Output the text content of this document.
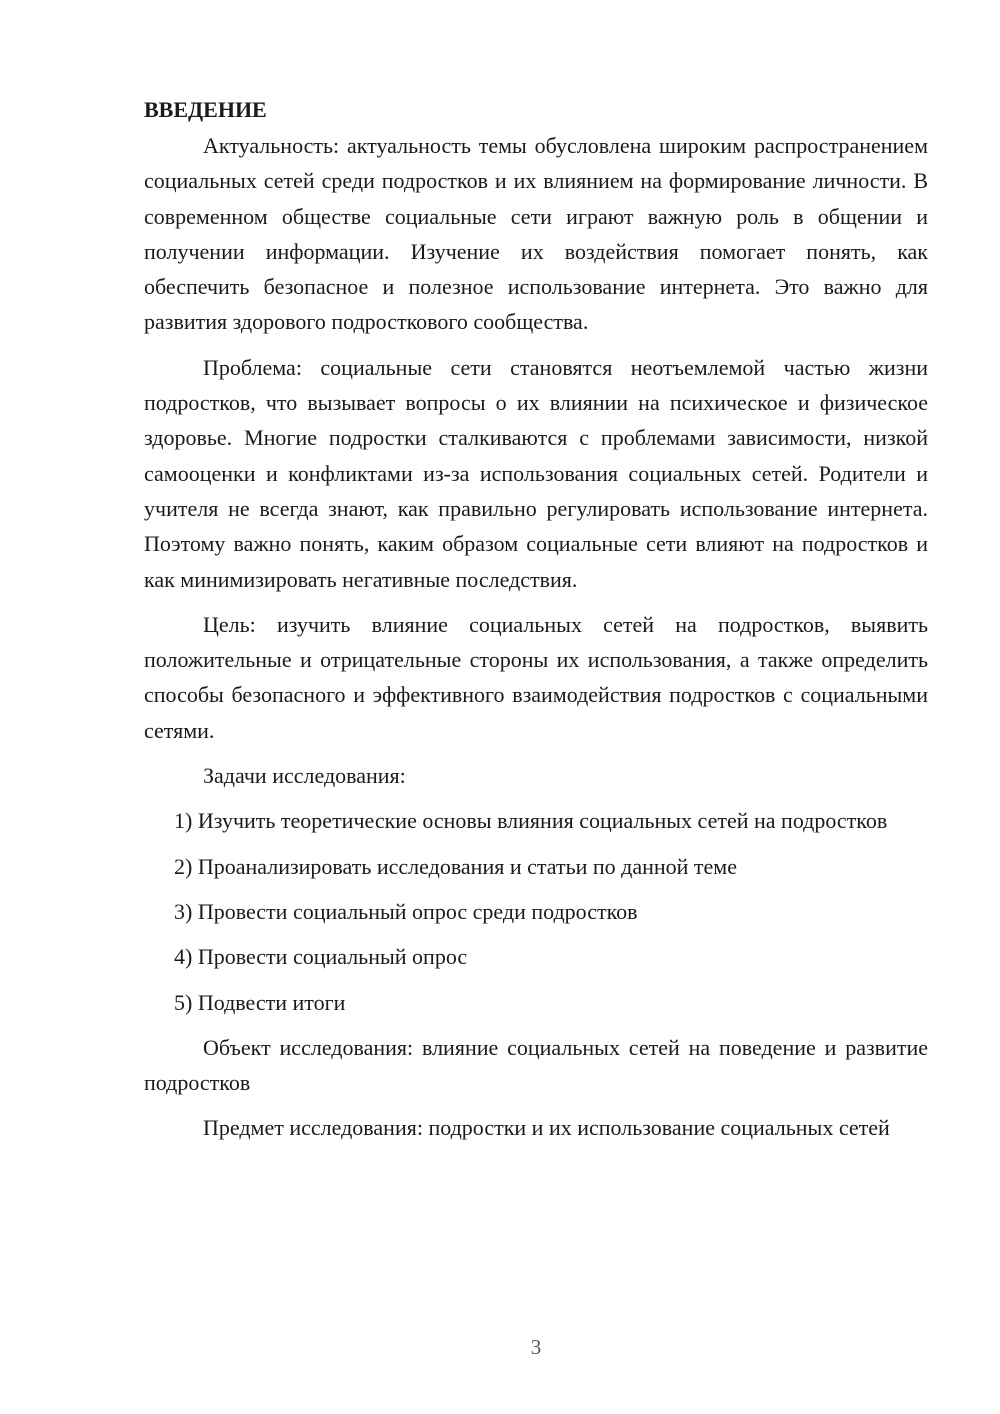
ВВЕДЕНИЕ

Актуальность: актуальность темы обусловлена широким распространением социальных сетей среди подростков и их влиянием на формирование личности. В современном обществе социальные сети играют важную роль в общении и получении информации. Изучение их воздействия помогает понять, как обеспечить безопасное и полезное использование интернета. Это важно для развития здорового подросткового сообщества.

Проблема: социальные сети становятся неотъемлемой частью жизни подростков, что вызывает вопросы о их влиянии на психическое и физическое здоровье. Многие подростки сталкиваются с проблемами зависимости, низкой самооценки и конфликтами из-за использования социальных сетей. Родители и учителя не всегда знают, как правильно регулировать использование интернета. Поэтому важно понять, каким образом социальные сети влияют на подростков и как минимизировать негативные последствия.

Цель: изучить влияние социальных сетей на подростков, выявить положительные и отрицательные стороны их использования, а также определить способы безопасного и эффективного взаимодействия подростков с социальными сетями.

Задачи исследования:

1) Изучить теоретические основы влияния социальных сетей на подростков

2) Проанализировать исследования и статьи по данной теме

3) Провести социальный опрос среди подростков

4) Провести социальный опрос

5) Подвести итоги

Объект исследования: влияние социальных сетей на поведение и развитие подростков

Предмет исследования: подростки и их использование социальных сетей

3
